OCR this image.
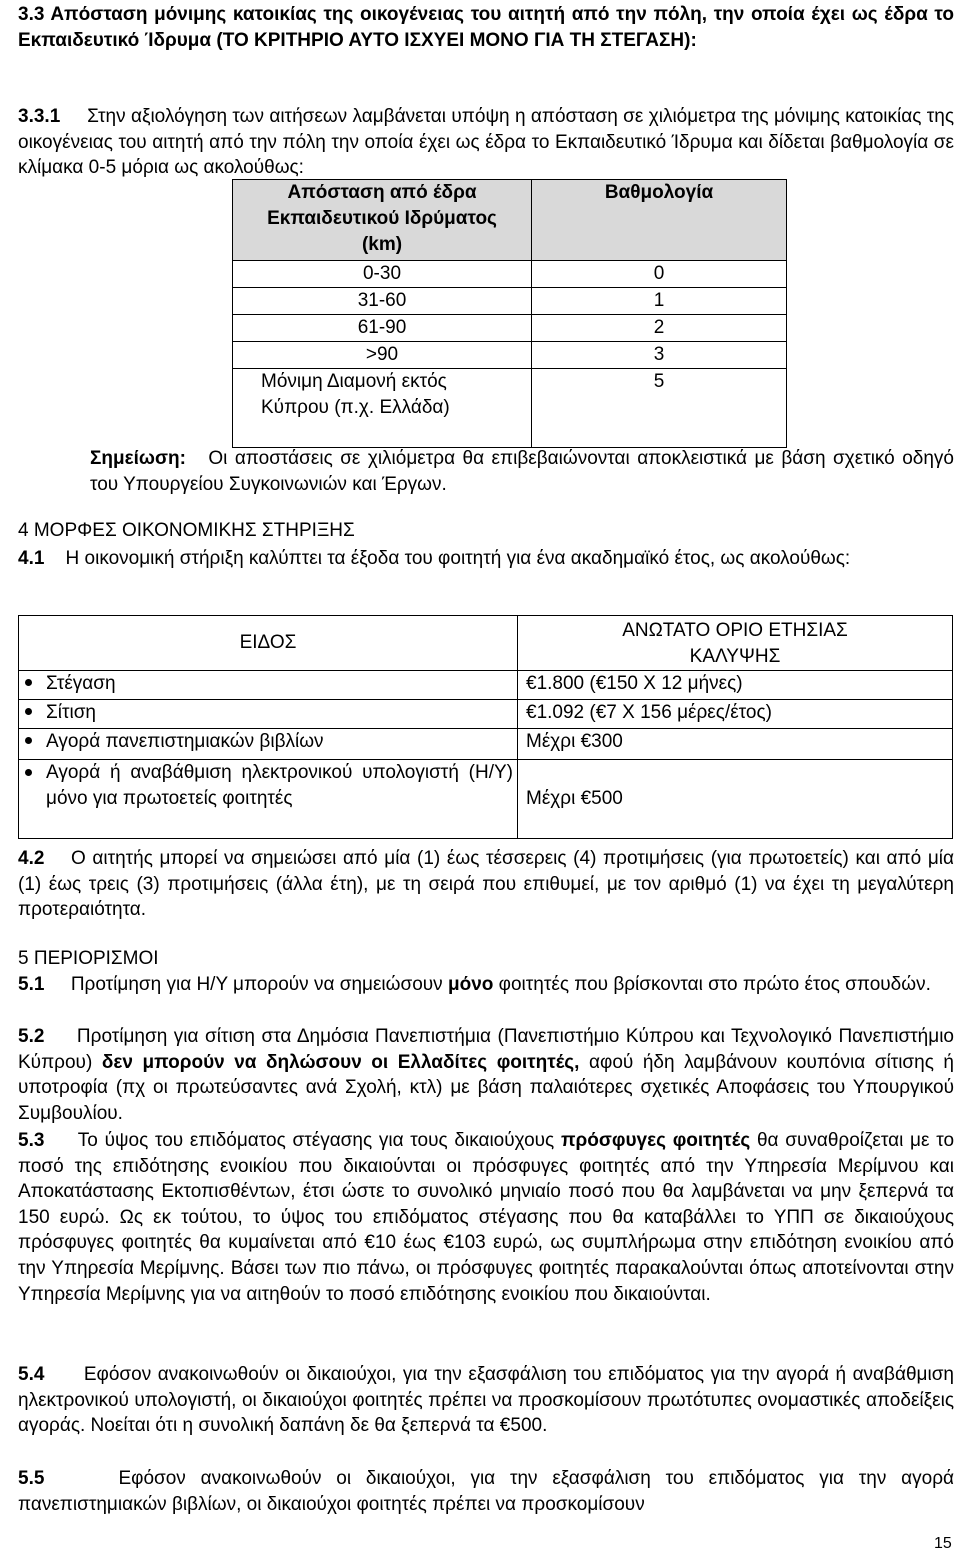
3.3 Απόσταση μόνιμης κατοικίας της οικογένειας του αιτητή από την πόλη, την οποία έχει ως έδρα το Εκπαιδευτικό Ίδρυμα (ΤΟ ΚΡΙΤΗΡΙΟ ΑΥΤΟ ΙΣΧΥΕΙ ΜΟΝΟ ΓΙΑ ΤΗ ΣΤΕΓΑΣΗ):
3.3.1 Στην αξιολόγηση των αιτήσεων λαμβάνεται υπόψη η απόσταση σε χιλιόμετρα της μόνιμης κατοικίας της οικογένειας του αιτητή από την πόλη την οποία έχει ως έδρα το Εκπαιδευτικό Ίδρυμα και δίδεται βαθμολογία σε κλίμακα 0-5 μόρια ως ακολούθως:
Απόσταση από έδρα Εκπαιδευτικού Ιδρύματος (km)	Βαθμολογία
0-30	0
31-60	1
61-90	2
>90	3
Μόνιμη Διαμονή εκτός Κύπρου (π.χ. Ελλάδα)	5
Σημείωση: Οι αποστάσεις σε χιλιόμετρα θα επιβεβαιώνονται αποκλειστικά με βάση σχετικό οδηγό του Υπουργείου Συγκοινωνιών και Έργων.
4 ΜΟΡΦΕΣ ΟΙΚΟΝΟΜΙΚΗΣ ΣΤΗΡΙΞΗΣ
4.1 Η οικονομική στήριξη καλύπτει τα έξοδα του φοιτητή για ένα ακαδημαϊκό έτος, ως ακολούθως:
ΕΙΔΟΣ	ΑΝΩΤΑΤΟ ΟΡΙΟ ΕΤΗΣΙΑΣ ΚΑΛΥΨΗΣ
Στέγαση	€1.800 (€150 Χ 12 μήνες)
Σίτιση	€1.092 (€7 Χ 156 μέρες/έτος)
Αγορά πανεπιστημιακών βιβλίων	Μέχρι €300

Αγορά ή αναβάθμιση ηλεκτρονικού υπολογιστή (Η/Υ) μόνο για πρωτοετείς φοιτητές	Μέχρι €500
4.2 Ο αιτητής μπορεί να σημειώσει από μία (1) έως τέσσερεις (4) προτιμήσεις (για πρωτοετείς) και από μία (1) έως τρεις (3) προτιμήσεις (άλλα έτη), με τη σειρά που επιθυμεί, με τον αριθμό (1) να έχει τη μεγαλύτερη προτεραιότητα.
5 ΠΕΡΙΟΡΙΣΜΟΙ
5.1 Προτίμηση για Η/Υ μπορούν να σημειώσουν μόνο φοιτητές που βρίσκονται στο πρώτο έτος σπουδών.
5.2 Προτίμηση για σίτιση στα Δημόσια Πανεπιστήμια (Πανεπιστήμιο Κύπρου και Τεχνολογικό Πανεπιστήμιο Κύπρου) δεν μπορούν να δηλώσουν οι Ελλαδίτες φοιτητές, αφού ήδη λαμβάνουν κουπόνια σίτισης ή υποτροφία (πχ οι πρωτεύσαντες ανά Σχολή, κτλ) με βάση παλαιότερες σχετικές Αποφάσεις του Υπουργικού Συμβουλίου.
5.3 Το ύψος του επιδόματος στέγασης για τους δικαιούχους πρόσφυγες φοιτητές θα συναθροίζεται με το ποσό της επιδότησης ενοικίου που δικαιούνται οι πρόσφυγες φοιτητές από την Υπηρεσία Μερίμνου και Αποκατάστασης Εκτοπισθέντων, έτσι ώστε το συνολικό μηνιαίο ποσό που θα λαμβάνεται να μην ξεπερνά τα 150 ευρώ. Ως εκ τούτου, το ύψος του επιδόματος στέγασης που θα καταβάλλει το ΥΠΠ σε δικαιούχους πρόσφυγες φοιτητές θα κυμαίνεται από €10 έως €103 ευρώ, ως συμπλήρωμα στην επιδότηση ενοικίου από την Υπηρεσία Μερίμνης. Βάσει των πιο πάνω, οι πρόσφυγες φοιτητές παρακαλούνται όπως αποτείνονται στην Υπηρεσία Μερίμνης για να αιτηθούν το ποσό επιδότησης ενοικίου που δικαιούνται.
5.4 Εφόσον ανακοινωθούν οι δικαιούχοι, για την εξασφάλιση του επιδόματος για την αγορά ή αναβάθμιση ηλεκτρονικού υπολογιστή, οι δικαιούχοι φοιτητές πρέπει να προσκομίσουν πρωτότυπες ονομαστικές αποδείξεις αγοράς. Νοείται ότι η συνολική δαπάνη δε θα ξεπερνά τα €500.
5.5	Εφόσον ανακοινωθούν οι δικαιούχοι, για την εξασφάλιση του επιδόματος για την αγορά πανεπιστημιακών βιβλίων, οι δικαιούχοι φοιτητές πρέπει να προσκομίσουν
15
